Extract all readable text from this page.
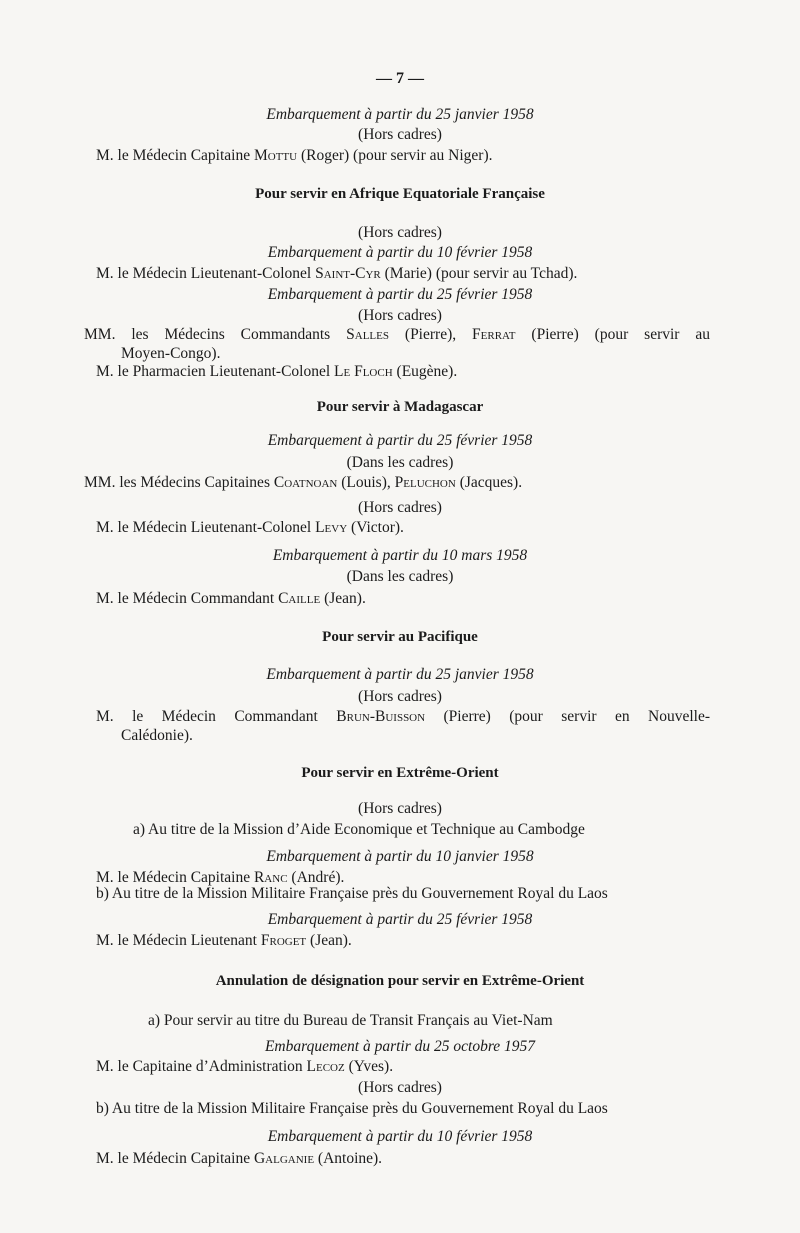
— 7 —
Embarquement à partir du 25 janvier 1958
(Hors cadres)
M. le Médecin Capitaine Mottu (Roger) (pour servir au Niger).
Pour servir en Afrique Equatoriale Française
(Hors cadres)
Embarquement à partir du 10 février 1958
M. le Médecin Lieutenant-Colonel Saint-Cyr (Marie) (pour servir au Tchad).
Embarquement à partir du 25 février 1958
(Hors cadres)
MM. les Médecins Commandants Salles (Pierre), Ferrat (Pierre) (pour servir au
Moyen-Congo).
M. le Pharmacien Lieutenant-Colonel Le Floch (Eugène).
Pour servir à Madagascar
Embarquement à partir du 25 février 1958
(Dans les cadres)
MM. les Médecins Capitaines Coatnoan (Louis), Peluchon (Jacques).
(Hors cadres)
M. le Médecin Lieutenant-Colonel Levy (Victor).
Embarquement à partir du 10 mars 1958
(Dans les cadres)
M. le Médecin Commandant Caille (Jean).
Pour servir au Pacifique
Embarquement à partir du 25 janvier 1958
(Hors cadres)
M. le Médecin Commandant Brun-Buisson (Pierre) (pour servir en Nouvelle-
Calédonie).
Pour servir en Extrême-Orient
(Hors cadres)
a) Au titre de la Mission d’Aide Economique et Technique au Cambodge
Embarquement à partir du 10 janvier 1958
M. le Médecin Capitaine Ranc (André).
b) Au titre de la Mission Militaire Française près du Gouvernement Royal du Laos
Embarquement à partir du 25 février 1958
M. le Médecin Lieutenant Froget (Jean).
Annulation de désignation pour servir en Extrême-Orient
a) Pour servir au titre du Bureau de Transit Français au Viet-Nam
Embarquement à partir du 25 octobre 1957
M. le Capitaine d’Administration Lecoz (Yves).
(Hors cadres)
b) Au titre de la Mission Militaire Française près du Gouvernement Royal du Laos
Embarquement à partir du 10 février 1958
M. le Médecin Capitaine Galganie (Antoine).
